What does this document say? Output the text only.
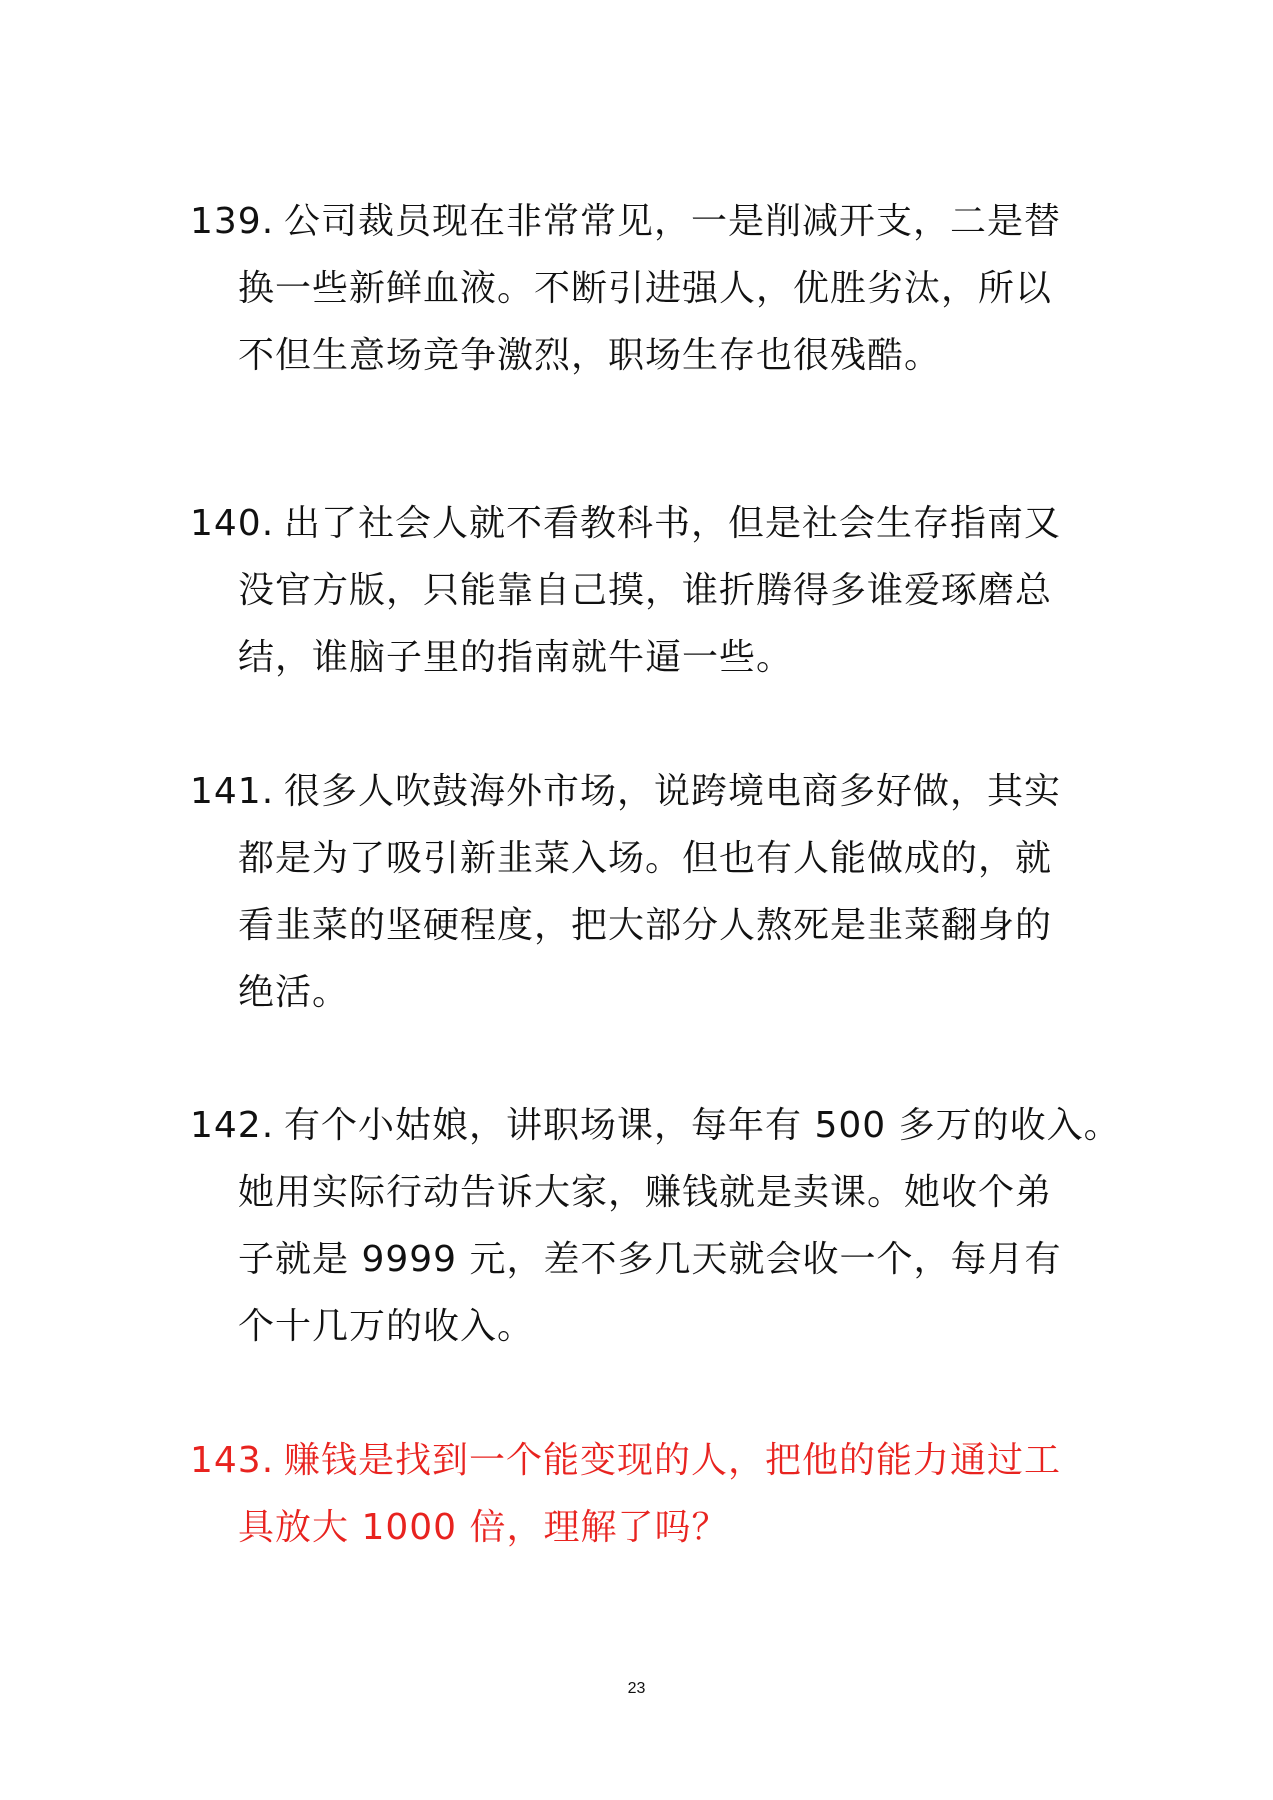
139. 公司裁员现在非常常见，一是削减开支，二是替
换一些新鲜血液。不断引进强人，优胜劣汰，所以
不但生意场竞争激烈，职场生存也很残酷。
140. 出了社会人就不看教科书，但是社会生存指南又
没官方版，只能靠自己摸，谁折腾得多谁爱琢磨总
结，谁脑子里的指南就牛逼一些。
141. 很多人吹鼓海外市场，说跨境电商多好做，其实
都是为了吸引新韭菜入场。但也有人能做成的，就
看韭菜的坚硬程度，把大部分人熬死是韭菜翻身的
绝活。
142. 有个小姑娘，讲职场课，每年有 500 多万的收入。
她用实际行动告诉大家，赚钱就是卖课。她收个弟
子就是 9999 元，差不多几天就会收一个，每月有
个十几万的收入。
143. 赚钱是找到一个能变现的人，把他的能力通过工
具放大 1000 倍，理解了吗？
23
